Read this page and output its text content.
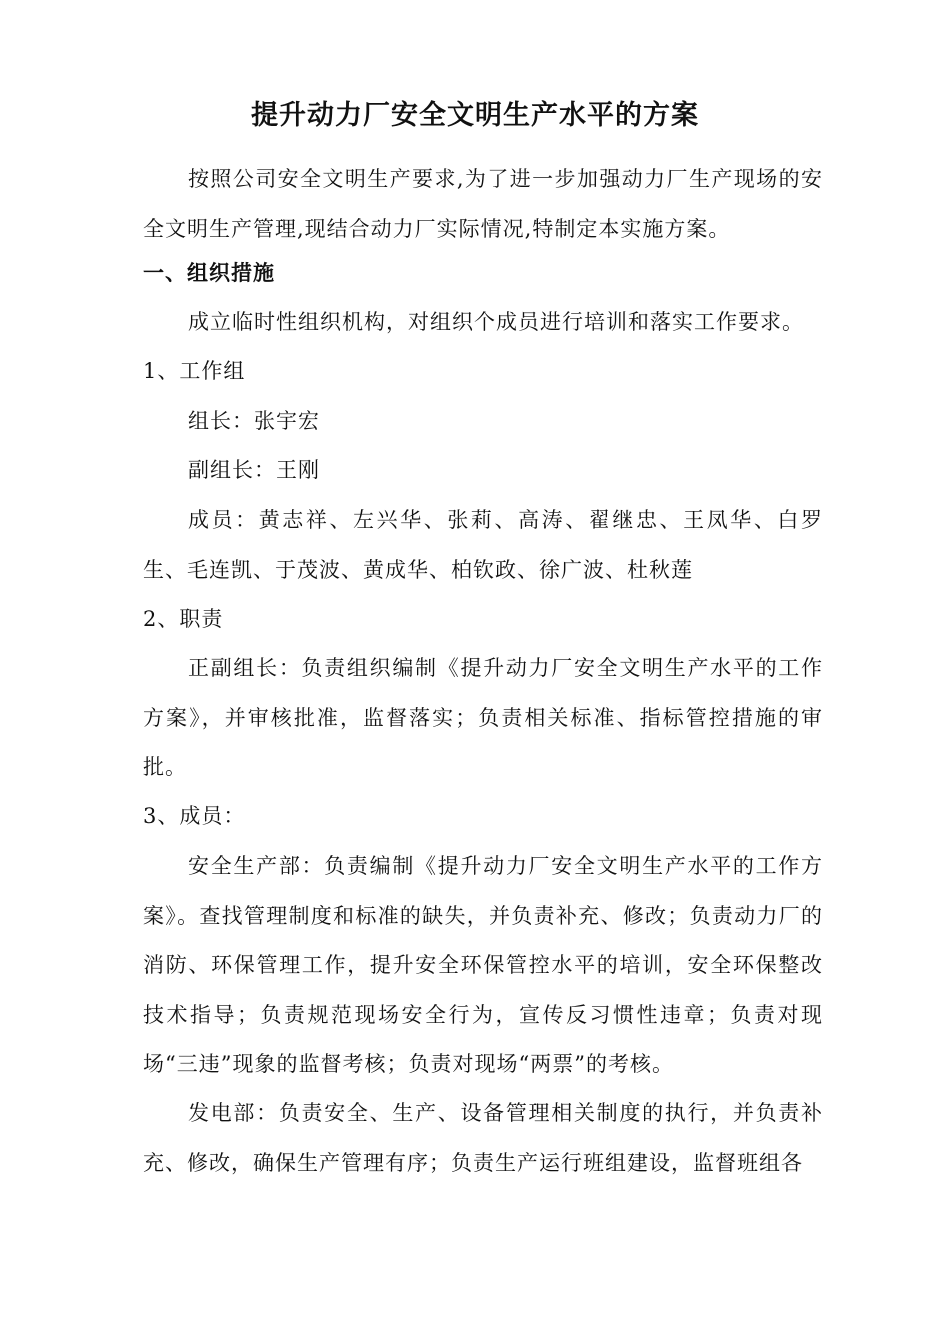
提升动力厂安全文明生产水平的方案

按照公司安全文明生产要求,为了进一步加强动力厂生产现场的安全文明生产管理,现结合动力厂实际情况,特制定本实施方案。

一、组织措施

成立临时性组织机构，对组织个成员进行培训和落实工作要求。

1、工作组

组长：张宇宏

副组长：王刚

成员：黄志祥、左兴华、张莉、高涛、翟继忠、王凤华、白罗生、毛连凯、于茂波、黄成华、柏钦政、徐广波、杜秋莲

2、职责

正副组长：负责组织编制《提升动力厂安全文明生产水平的工作方案》，并审核批准，监督落实；负责相关标准、指标管控措施的审批。

3、成员：

安全生产部：负责编制《提升动力厂安全文明生产水平的工作方案》。查找管理制度和标准的缺失，并负责补充、修改；负责动力厂的消防、环保管理工作，提升安全环保管控水平的培训，安全环保整改技术指导；负责规范现场安全行为，宣传反习惯性违章；负责对现场“三违”现象的监督考核；负责对现场“两票”的考核。

发电部：负责安全、生产、设备管理相关制度的执行，并负责补充、修改，确保生产管理有序；负责生产运行班组建设，监督班组各
